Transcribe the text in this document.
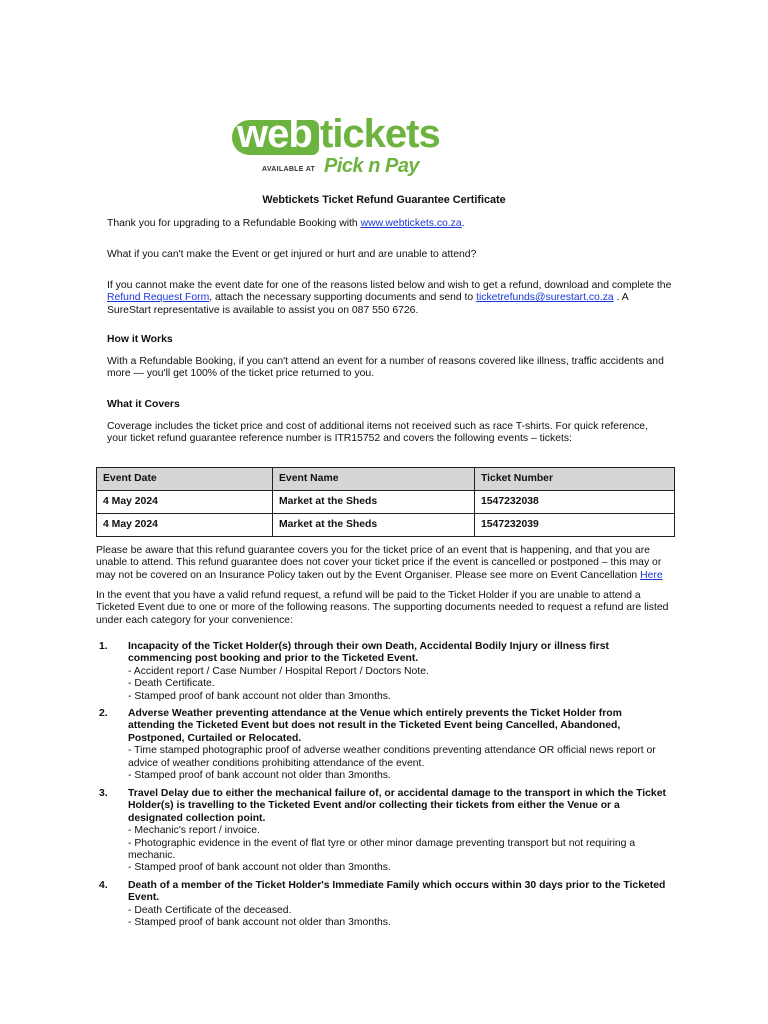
web tickets
AVAILABLE AT Pick n Pay
Webtickets Ticket Refund Guarantee Certificate
Thank you for upgrading to a Refundable Booking with www.webtickets.co.za.
What if you can't make the Event or get injured or hurt and are unable to attend?
If you cannot make the event date for one of the reasons listed below and wish to get a refund, download and complete the Refund Request Form, attach the necessary supporting documents and send to ticketrefunds@surestart.co.za . A SureStart representative is available to assist you on 087 550 6726.
How it Works
With a Refundable Booking, if you can't attend an event for a number of reasons covered like illness, traffic accidents and more — you'll get 100% of the ticket price returned to you.
What it Covers
Coverage includes the ticket price and cost of additional items not received such as race T-shirts. For quick reference, your ticket refund guarantee reference number is ITR15752 and covers the following events – tickets:
Event Date	Event Name	Ticket Number
4 May 2024	Market at the Sheds	1547232038
4 May 2024	Market at the Sheds	1547232039
Please be aware that this refund guarantee covers you for the ticket price of an event that is happening, and that you are unable to attend. This refund guarantee does not cover your ticket price if the event is cancelled or postponed – this may or may not be covered on an Insurance Policy taken out by the Event Organiser. Please see more on Event Cancellation Here
In the event that you have a valid refund request, a refund will be paid to the Ticket Holder if you are unable to attend a Ticketed Event due to one or more of the following reasons. The supporting documents needed to request a refund are listed under each category for your convenience:
1. Incapacity of the Ticket Holder(s) through their own Death, Accidental Bodily Injury or illness first commencing post booking and prior to the Ticketed Event.
- Accident report / Case Number / Hospital Report / Doctors Note.
- Death Certificate.
- Stamped proof of bank account not older than 3months.
2. Adverse Weather preventing attendance at the Venue which entirely prevents the Ticket Holder from attending the Ticketed Event but does not result in the Ticketed Event being Cancelled, Abandoned, Postponed, Curtailed or Relocated.
- Time stamped photographic proof of adverse weather conditions preventing attendance OR official news report or advice of weather conditions prohibiting attendance of the event.
- Stamped proof of bank account not older than 3months.
3. Travel Delay due to either the mechanical failure of, or accidental damage to the transport in which the Ticket Holder(s) is travelling to the Ticketed Event and/or collecting their tickets from either the Venue or a designated collection point.
- Mechanic's report / invoice.
- Photographic evidence in the event of flat tyre or other minor damage preventing transport but not requiring a mechanic.
- Stamped proof of bank account not older than 3months.
4. Death of a member of the Ticket Holder's Immediate Family which occurs within 30 days prior to the Ticketed Event.
- Death Certificate of the deceased.
- Stamped proof of bank account not older than 3months.
